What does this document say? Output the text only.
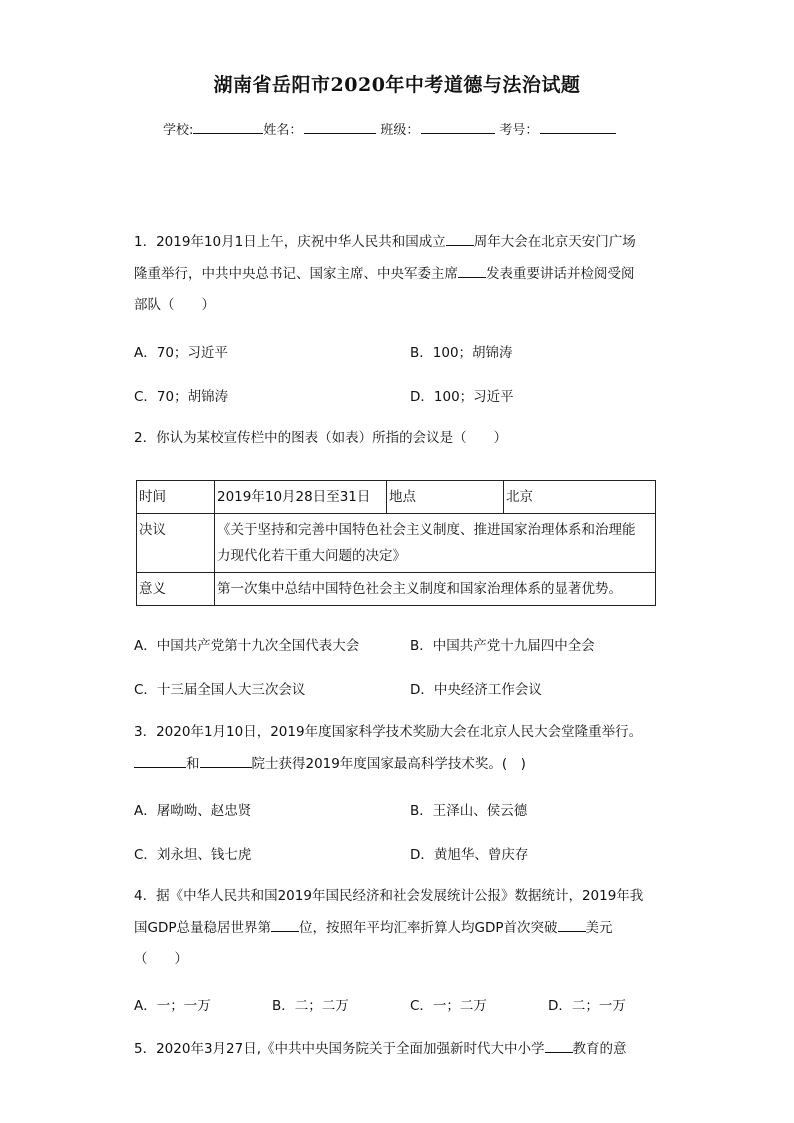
湖南省岳阳市2020年中考道德与法治试题
学校:	姓名：	班级：	考号：
1．2019年10月1日上午，庆祝中华人民共和国成立 周年大会在北京天安门广场
隆重举行，中共中央总书记、国家主席、中央军委主席 发表重要讲话并检阅受阅
部队（　　）
A．70；习近平	B．100；胡锦涛
C．70；胡锦涛	D．100；习近平
2．你认为某校宣传栏中的图表（如表）所指的会议是（　　）
时间	2019年10月28日至31日	地点	北京
决议	《关于坚持和完善中国特色社会主义制度、推进国家治理体系和治理能
力现代化若干重大问题的决定》		

意义	第一次集中总结中国特色社会主义制度和国家治理体系的显著优势。		
A．中国共产党第十九次全国代表大会	B．中国共产党十九届四中全会
C．十三届全国人大三次会议	D．中央经济工作会议
3．2020年1月10日，2019年度国家科学技术奖励大会在北京人民大会堂隆重举行。
和	院士获得2019年度国家最高科学技术奖。(　)
A．屠呦呦、赵忠贤	B．王泽山、侯云德
C．刘永坦、钱七虎	D．黄旭华、曾庆存
4．据《中华人民共和国2019年国民经济和社会发展统计公报》数据统计，2019年我
国GDP总量稳居世界第 位，按照年平均汇率折算人均GDP首次突破 美元
（　　）
A．一；一万	B．二；二万	C．一；二万	D．二；一万
5．2020年3月27日,《中共中央国务院关于全面加强新时代大中小学 教育的意
